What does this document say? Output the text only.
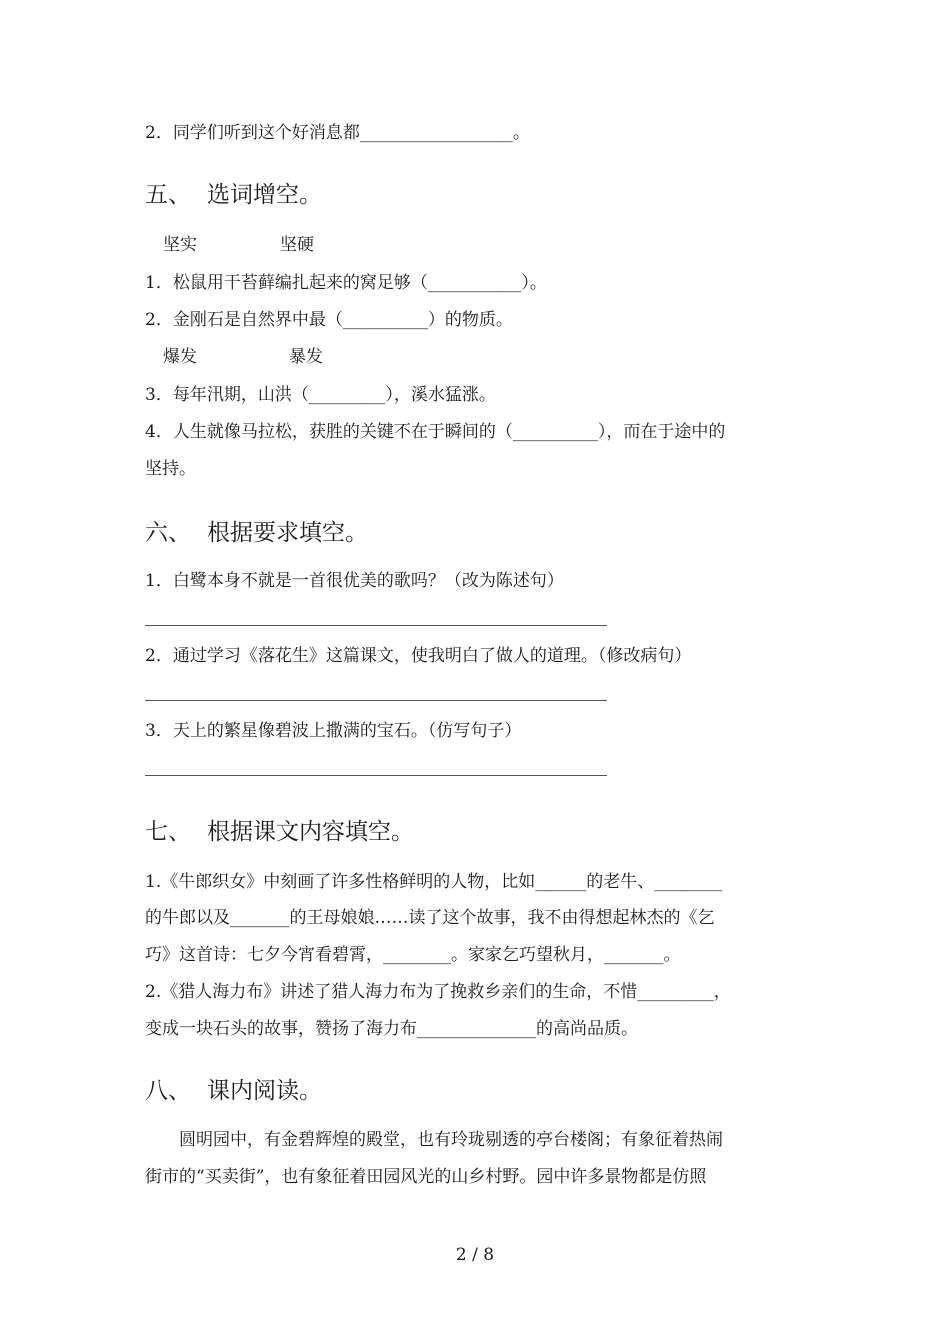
2．同学们听到这个好消息都__________________。
五、 选词增空。
坚实	坚硬
1．松鼠用干苔藓编扎起来的窝足够（___________）。
2．金刚石是自然界中最（__________）的物质。
爆发	暴发
3．每年汛期，山洪（_________），溪水猛涨。
4．人生就像马拉松，获胜的关键不在于瞬间的（__________），而在于途中的
坚持。
六、 根据要求填空。
1．白鹭本身不就是一首很优美的歌吗？（改为陈述句）
2．通过学习《落花生》这篇课文，使我明白了做人的道理。（修改病句）
3．天上的繁星像碧波上撒满的宝石。（仿写句子）
七、 根据课文内容填空。
1.《牛郎织女》中刻画了许多性格鲜明的人物，比如______的老牛、________
的牛郎以及_______的王母娘娘……读了这个故事，我不由得想起林杰的《乞
巧》这首诗：七夕今宵看碧霄，________。家家乞巧望秋月，_______。
2.《猎人海力布》讲述了猎人海力布为了挽救乡亲们的生命，不惜_________，
变成一块石头的故事，赞扬了海力布______________的高尚品质。
八、 课内阅读。
圆明园中，有金碧辉煌的殿堂，也有玲珑剔透的亭台楼阁；有象征着热闹
街市的“买卖街”，也有象征着田园风光的山乡村野。园中许多景物都是仿照
2 / 8
